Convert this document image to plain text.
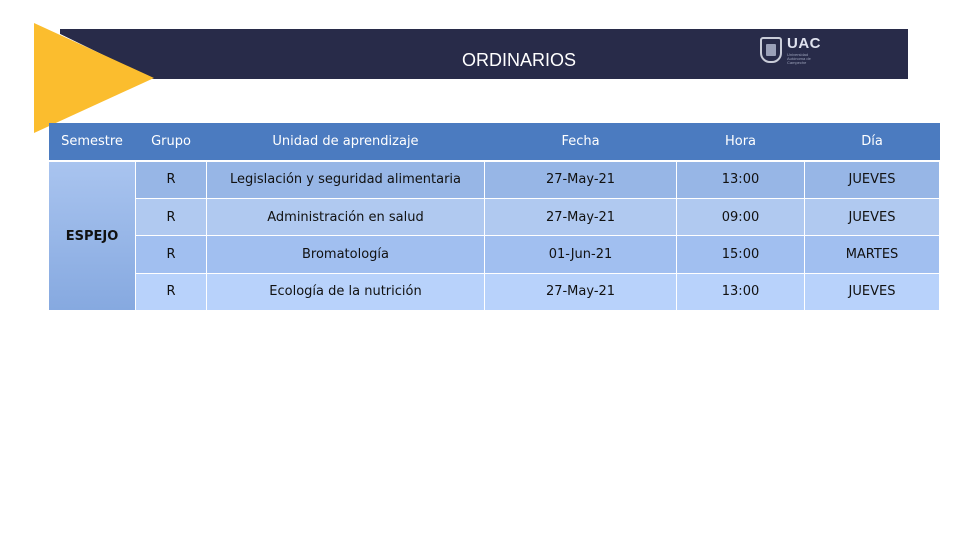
ORDINARIOS
UAC
Universidad Autónoma de Campeche
Semestre	Grupo	Unidad de aprendizaje	Fecha	Hora	Día
ESPEJO	R	Legislación y seguridad alimentaria	27-May-21	13:00	JUEVES
	R	Administración en salud	27-May-21	09:00	JUEVES
	R	Bromatología	01-Jun-21	15:00	MARTES
	R	Ecología de la nutrición	27-May-21	13:00	JUEVES
